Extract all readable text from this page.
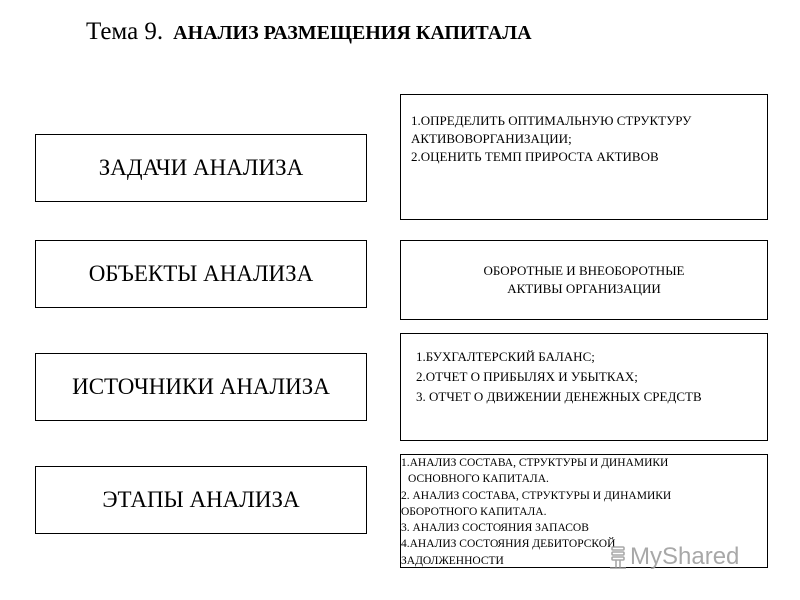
Тема 9. АНАЛИЗ РАЗМЕЩЕНИЯ КАПИТАЛА
ЗАДАЧИ АНАЛИЗА
ОБЪЕКТЫ АНАЛИЗА
ИСТОЧНИКИ АНАЛИЗА
ЭТАПЫ АНАЛИЗА
1.ОПРЕДЕЛИТЬ ОПТИМАЛЬНУЮ СТРУКТУРУ
АКТИВОВОРГАНИЗАЦИИ;
2.ОЦЕНИТЬ ТЕМП ПРИРОСТА АКТИВОВ
ОБОРОТНЫЕ И ВНЕОБОРОТНЫЕ
АКТИВЫ ОРГАНИЗАЦИИ
1.БУХГАЛТЕРСКИЙ БАЛАНС;
2.ОТЧЕТ О ПРИБЫЛЯХ И УБЫТКАХ;
3. ОТЧЕТ О ДВИЖЕНИИ ДЕНЕЖНЫХ СРЕДСТВ
1.АНАЛИЗ СОСТАВА, СТРУКТУРЫ И ДИНАМИКИ
ОСНОВНОГО КАПИТАЛА.
2. АНАЛИЗ СОСТАВА, СТРУКТУРЫ И ДИНАМИКИ
ОБОРОТНОГО КАПИТАЛА.
3. АНАЛИЗ СОСТОЯНИЯ ЗАПАСОВ
4.АНАЛИЗ СОСТОЯНИЯ ДЕБИТОРСКОЙ
ЗАДОЛЖЕННОСТИ	MyShared
